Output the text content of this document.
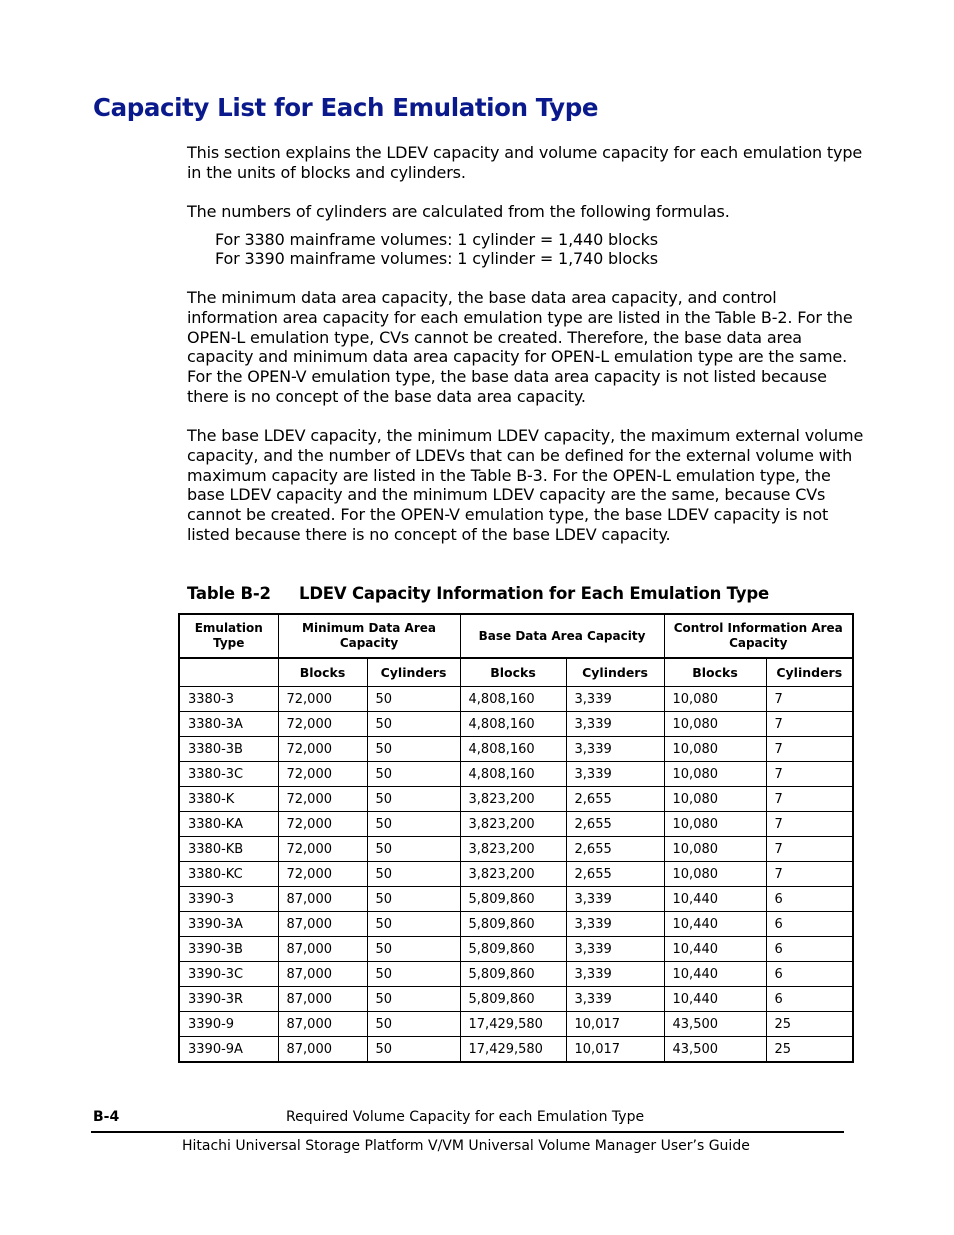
Capacity List for Each Emulation Type

This section explains the LDEV capacity and volume capacity for each emulation type in the units of blocks and cylinders.

The numbers of cylinders are calculated from the following formulas.

For 3380 mainframe volumes: 1 cylinder = 1,440 blocks

For 3390 mainframe volumes: 1 cylinder = 1,740 blocks

The minimum data area capacity, the base data area capacity, and control information area capacity for each emulation type are listed in the Table B-2. For the OPEN-L emulation type, CVs cannot be created. Therefore, the base data area capacity and minimum data area capacity for OPEN-L emulation type are the same. For the OPEN-V emulation type, the base data area capacity is not listed because there is no concept of the base data area capacity.

The base LDEV capacity, the minimum LDEV capacity, the maximum external volume capacity, and the number of LDEVs that can be defined for the external volume with maximum capacity are listed in the Table B-3. For the OPEN-L emulation type, the base LDEV capacity and the minimum LDEV capacity are the same, because CVs cannot be created. For the OPEN-V emulation type, the base LDEV capacity is not listed because there is no concept of the base LDEV capacity.

Table B-2 LDEV Capacity Information for Each Emulation Type
Emulation Type	Minimum Data Area Capacity		Base Data Area Capacity		Control Information Area Capacity	
	Blocks	Cylinders	Blocks	Cylinders	Blocks	Cylinders
3380-3	72,000	50	4,808,160	3,339	10,080	7
3380-3A	72,000	50	4,808,160	3,339	10,080	7
3380-3B	72,000	50	4,808,160	3,339	10,080	7
3380-3C	72,000	50	4,808,160	3,339	10,080	7
3380-K	72,000	50	3,823,200	2,655	10,080	7
3380-KA	72,000	50	3,823,200	2,655	10,080	7
3380-KB	72,000	50	3,823,200	2,655	10,080	7
3380-KC	72,000	50	3,823,200	2,655	10,080	7
3390-3	87,000	50	5,809,860	3,339	10,440	6
3390-3A	87,000	50	5,809,860	3,339	10,440	6
3390-3B	87,000	50	5,809,860	3,339	10,440	6
3390-3C	87,000	50	5,809,860	3,339	10,440	6
3390-3R	87,000	50	5,809,860	3,339	10,440	6
3390-9	87,000	50	17,429,580	10,017	43,500	25
3390-9A	87,000	50	17,429,580	10,017	43,500	25
B-4	Required Volume Capacity for each Emulation Type
Hitachi Universal Storage Platform V/VM Universal Volume Manager User’s Guide
